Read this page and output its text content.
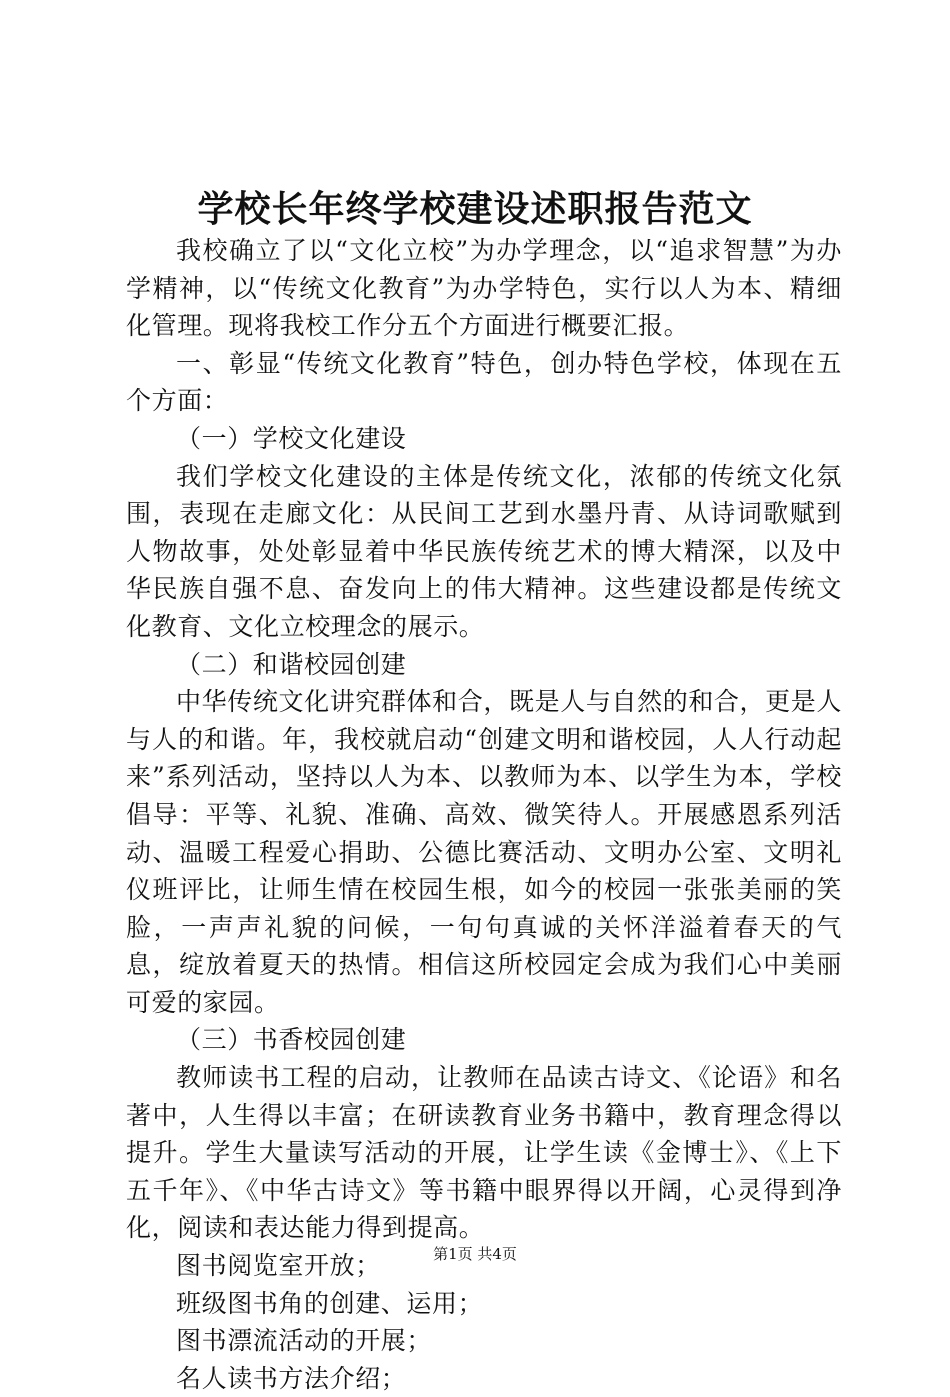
学校长年终学校建设述职报告范文

我校确立了以“文化立校”为办学理念，以“追求智慧”为办学精神，以“传统文化教育”为办学特色，实行以人为本、精细化管理。现将我校工作分五个方面进行概要汇报。

一、彰显“传统文化教育”特色，创办特色学校，体现在五个方面：

（一）学校文化建设

我们学校文化建设的主体是传统文化，浓郁的传统文化氛围，表现在走廊文化：从民间工艺到水墨丹青、从诗词歌赋到人物故事，处处彰显着中华民族传统艺术的博大精深，以及中华民族自强不息、奋发向上的伟大精神。这些建设都是传统文化教育、文化立校理念的展示。

（二）和谐校园创建

中华传统文化讲究群体和合，既是人与自然的和合，更是人与人的和谐。年，我校就启动“创建文明和谐校园，人人行动起来”系列活动，坚持以人为本、以教师为本、以学生为本，学校倡导：平等、礼貌、准确、高效、微笑待人。开展感恩系列活动、温暖工程爱心捐助、公德比赛活动、文明办公室、文明礼仪班评比，让师生情在校园生根，如今的校园一张张美丽的笑脸，一声声礼貌的问候，一句句真诚的关怀洋溢着春天的气息，绽放着夏天的热情。相信这所校园定会成为我们心中美丽可爱的家园。

（三）书香校园创建

教师读书工程的启动，让教师在品读古诗文、《论语》和名著中，人生得以丰富；在研读教育业务书籍中，教育理念得以提升。学生大量读写活动的开展，让学生读《金博士》、《上下五千年》、《中华古诗文》等书籍中眼界得以开阔，心灵得到净化，阅读和表达能力得到提高。

图书阅览室开放；

班级图书角的创建、运用；

图书漂流活动的开展；

名人读书方法介绍；

第1页 共4页
